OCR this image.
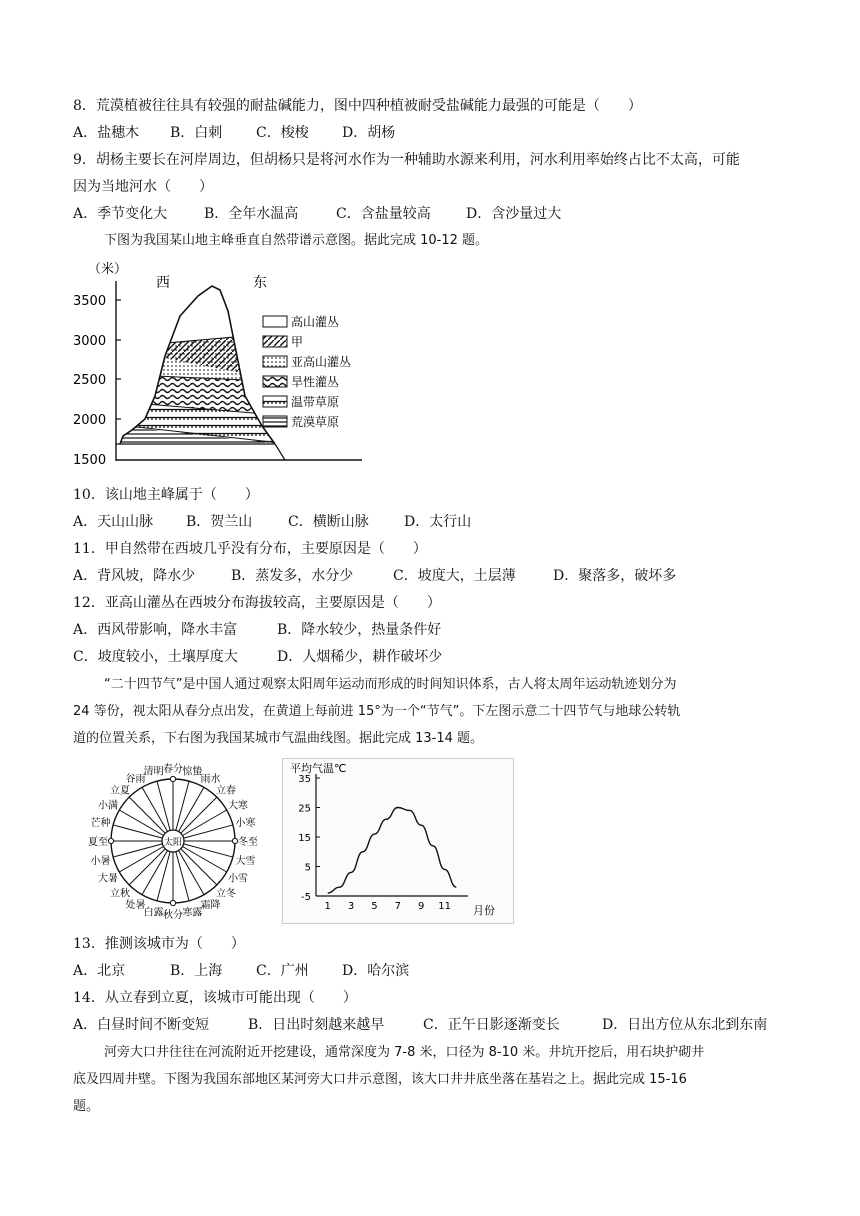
8．荒漠植被往往具有较强的耐盐碱能力，图中四种植被耐受盐碱能力最强的可能是（　　）
A．盐穗木 B．白刺 C．梭梭 D．胡杨
9．胡杨主要长在河岸周边，但胡杨只是将河水作为一种辅助水源来利用，河水利用率始终占比不太高，可能
因为当地河水（　　）
A．季节变化大	B．全年水温高	C．含盐量较高	D．含沙量过大
下图为我国某山地主峰垂直自然带谱示意图。据此完成 10-12 题。
（米）
3500
3000
2500
2000
1500
西	东
高山灌丛
甲
亚高山灌丛
旱性灌丛
温带草原
荒漠草原
10．该山地主峰属于（　　）
A．天山山脉 B．贺兰山	C．横断山脉	D．太行山
11．甲自然带在西坡几乎没有分布，主要原因是（　　）
A．背风坡，降水少	B．蒸发多，水分少	C．坡度大，土层薄	D．聚落多，破坏多
12．亚高山灌丛在西坡分布海拔较高，主要原因是（　　）
A．西风带影响，降水丰富	B．降水较少，热量条件好
C．坡度较小，土壤厚度大	D．人烟稀少，耕作破坏少
“二十四节气”是中国人通过观察太阳周年运动而形成的时间知识体系，古人将太周年运动轨迹划分为
24 等份，视太阳从春分点出发，在黄道上每前进 15°为一个“节气”。下左图示意二十四节气与地球公转轨
道的位置关系，下右图为我国某城市气温曲线图。据此完成 13-14 题。
春分 惊蛰
雨水
立春
大寒
小寒
冬至
大雪
小雪
立冬
霜降
寒露
秋分
白露
处暑
立秋
大暑
小暑
夏至
芒种
小满
立夏
谷雨
清明
太阳
平均气温℃
月份
35
25
15
5
-5
1 3 5 7 9 11
13．推测该城市为（　　）
A．北京	B．上海 C．广州 D．哈尔滨
14．从立春到立夏，该城市可能出现（　　）
A．白昼时间不断变短	B．日出时刻越来越早	C．正午日影逐渐变长	D．日出方位从东北到东南
河旁大口井往往在河流附近开挖建设，通常深度为 7-8 米，口径为 8-10 米。井坑开挖后，用石块护砌井
底及四周井壁。下图为我国东部地区某河旁大口井示意图，该大口井井底坐落在基岩之上。据此完成 15-16
题。
